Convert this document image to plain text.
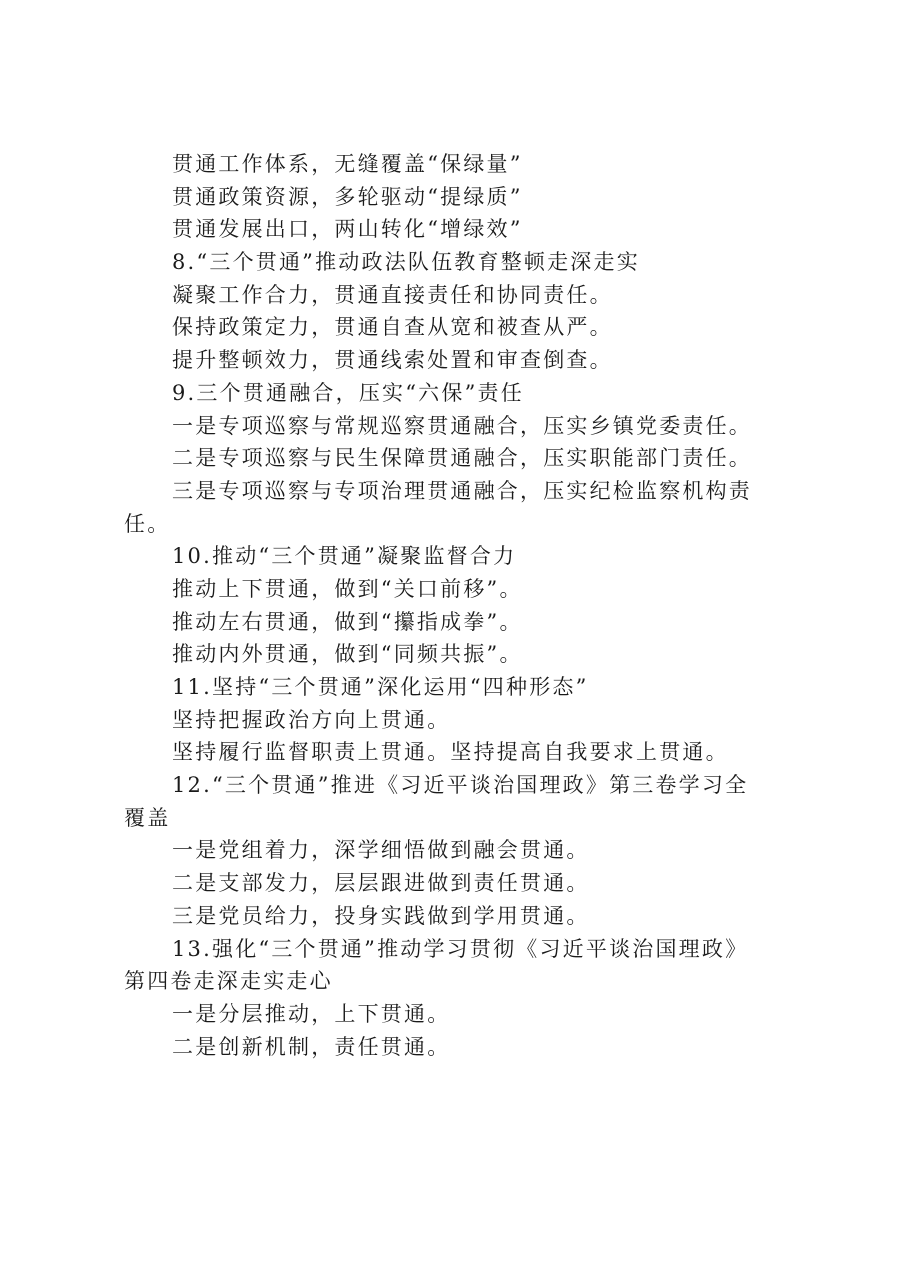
贯通工作体系，无缝覆盖“保绿量”
贯通政策资源，多轮驱动“提绿质”
贯通发展出口，两山转化“增绿效”
8.“三个贯通”推动政法队伍教育整顿走深走实
凝聚工作合力，贯通直接责任和协同责任。
保持政策定力，贯通自查从宽和被查从严。
提升整顿效力，贯通线索处置和审查倒查。
9.三个贯通融合，压实“六保”责任
一是专项巡察与常规巡察贯通融合，压实乡镇党委责任。
二是专项巡察与民生保障贯通融合，压实职能部门责任。
三是专项巡察与专项治理贯通融合，压实纪检监察机构责
任。
10.推动“三个贯通”凝聚监督合力
推动上下贯通，做到“关口前移”。
推动左右贯通，做到“攥指成拳”。
推动内外贯通，做到“同频共振”。
11.坚持“三个贯通”深化运用“四种形态”
坚持把握政治方向上贯通。
坚持履行监督职责上贯通。坚持提高自我要求上贯通。
12.“三个贯通”推进《习近平谈治国理政》第三卷学习全
覆盖
一是党组着力，深学细悟做到融会贯通。
二是支部发力，层层跟进做到责任贯通。
三是党员给力，投身实践做到学用贯通。
13.强化“三个贯通”推动学习贯彻《习近平谈治国理政》
第四卷走深走实走心
一是分层推动，上下贯通。
二是创新机制，责任贯通。
